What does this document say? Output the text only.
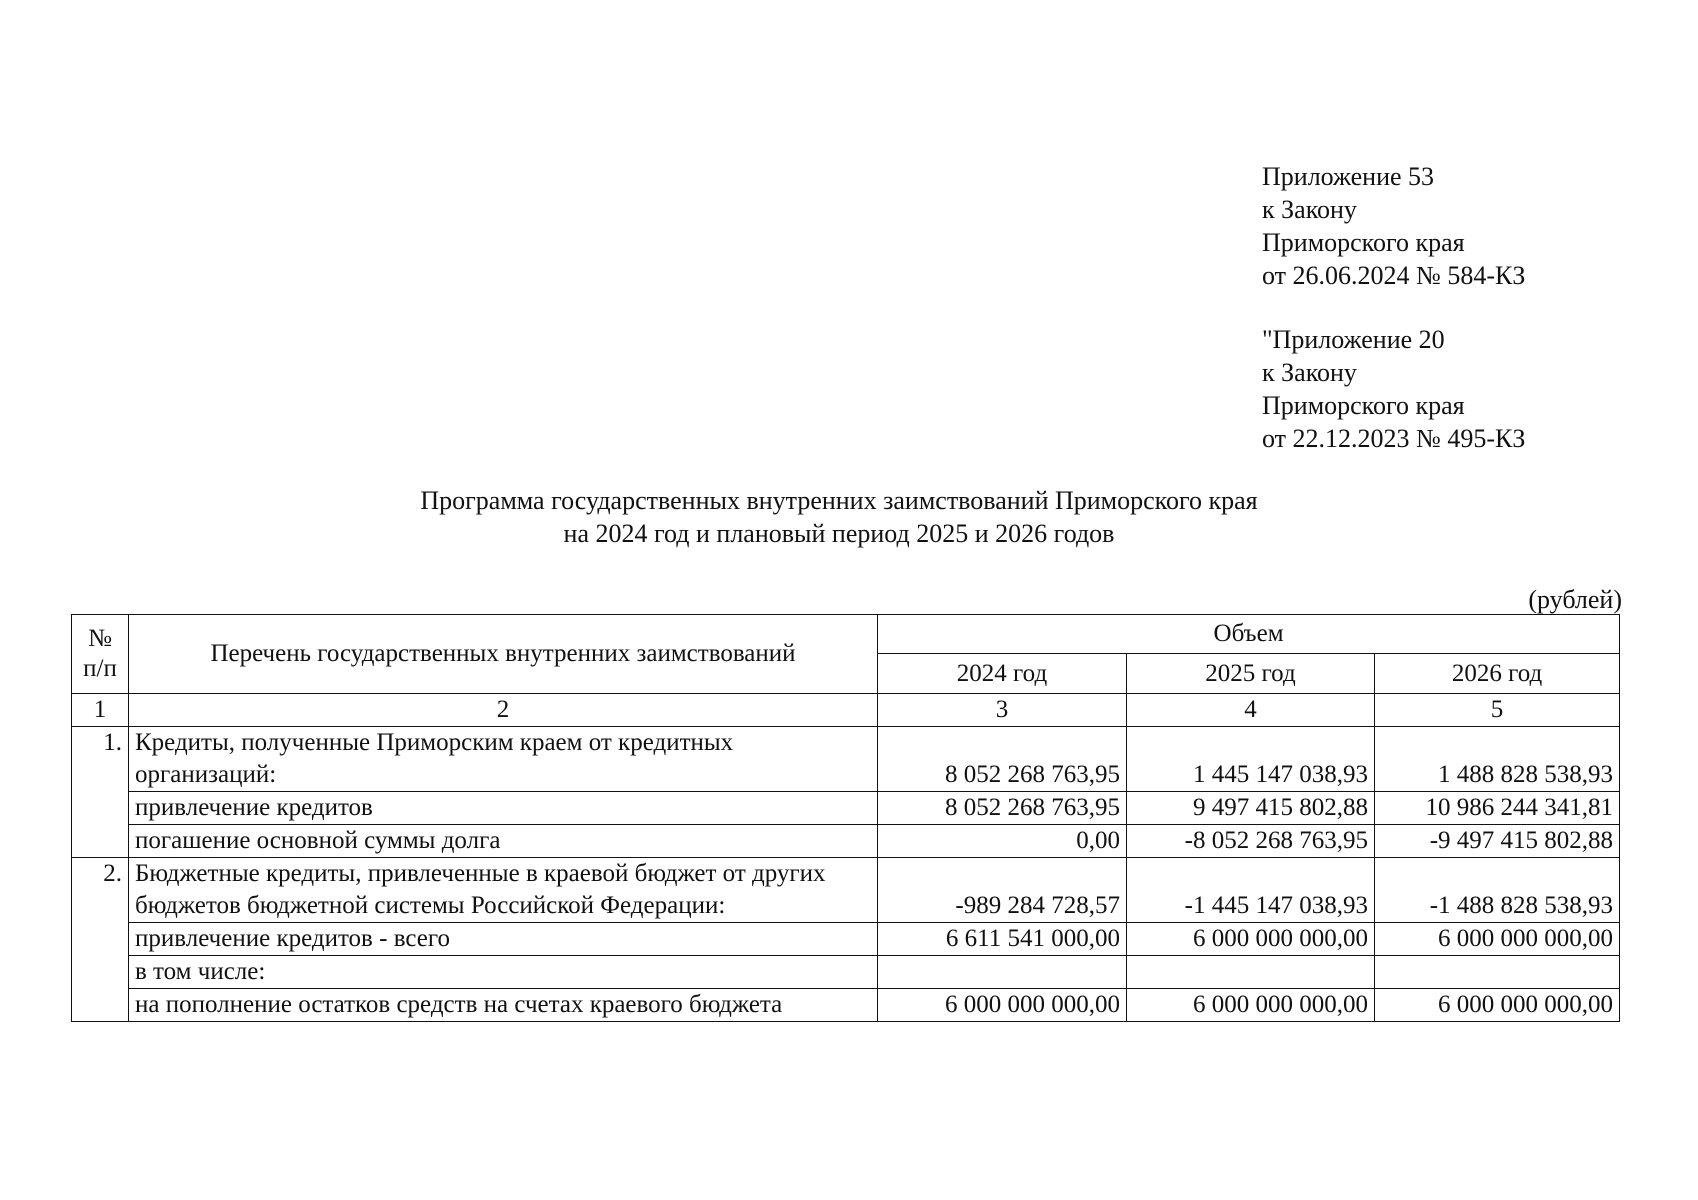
Приложение 53
к Закону
Приморского края
от 26.06.2024 № 584-КЗ
"Приложение 20
к Закону
Приморского края
от 22.12.2023 № 495-КЗ
Программа государственных внутренних заимствований Приморского края
на 2024 год и плановый период 2025 и 2026 годов
(рублей)
№ п/п	Перечень государственных внутренних заимствований	Объем		
		2024 год	2025 год	2026 год
1	2	3	4	5
1.	Кредиты, полученные Приморским краем от кредитных организаций:	8 052 268 763,95	1 445 147 038,93	1 488 828 538,93
	привлечение кредитов	8 052 268 763,95	9 497 415 802,88	10 986 244 341,81
	погашение основной суммы долга	0,00	-8 052 268 763,95	-9 497 415 802,88
2.	Бюджетные кредиты, привлеченные в краевой бюджет от других бюджетов бюджетной системы Российской Федерации:	-989 284 728,57	-1 445 147 038,93	-1 488 828 538,93
	привлечение кредитов - всего	6 611 541 000,00	6 000 000 000,00	6 000 000 000,00
	в том числе:			
	на пополнение остатков средств на счетах краевого бюджета	6 000 000 000,00	6 000 000 000,00	6 000 000 000,00
